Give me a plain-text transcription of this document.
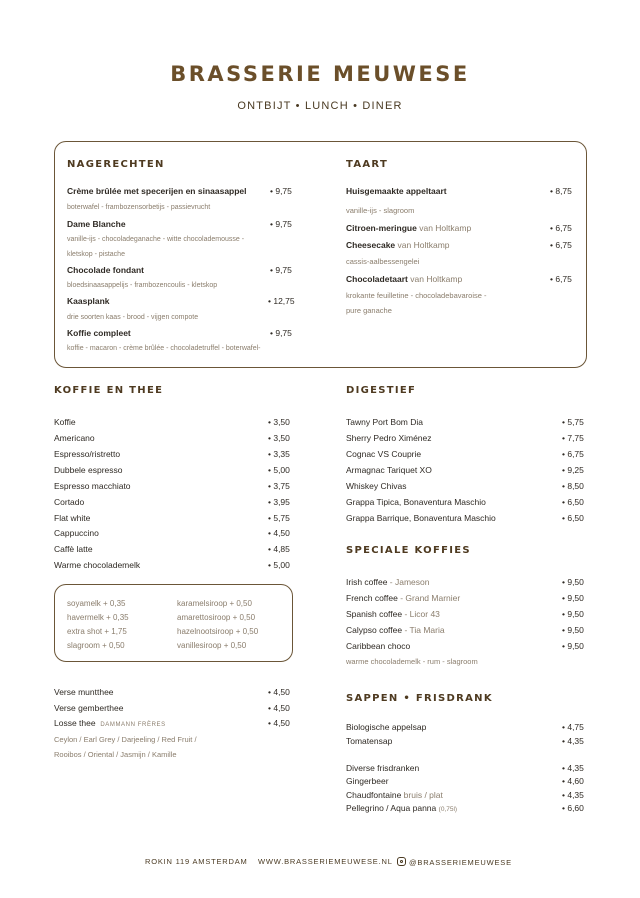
BRASSERIE MEUWESE
ONTBIJT • LUNCH • DINER
NAGERECHTEN
Crème brûlée met specerijen en sinaasappel	• 9,75
boterwafel - frambozensorbetijs - passievrucht
Dame Blanche	• 9,75
vanille-ijs - chocoladeganache - witte chocolademousse -
kletskop - pistache
Chocolade fondant	• 9,75
bloedsinaasappelijs - frambozencoulis - kletskop
Kaasplank	• 12,75
drie soorten kaas - brood - vijgen compote
Koffie compleet	• 9,75
koffie - macaron - crème brûlée - chocoladetruffel - boterwafel-
TAART
Huisgemaakte appeltaart	• 8,75
vanille-ijs - slagroom
Citroen-meringue van Holtkamp	• 6,75
Cheesecake van Holtkamp	• 6,75
cassis-aalbessengelei
Chocoladetaart van Holtkamp	• 6,75
krokante feuilletine - chocoladebavaroise -
pure ganache
KOFFIE EN THEE
Koffie	• 3,50
Americano	• 3,50
Espresso/ristretto	• 3,35
Dubbele espresso	• 5,00
Espresso macchiato	• 3,75
Cortado	• 3,95
Flat white	• 5,75
Cappuccino	• 4,50
Caffè latte	• 4,85
Warme chocolademelk	• 5,00
soyamelk + 0,35
havermelk + 0,35
extra shot + 1,75
slagroom + 0,50
karamelsiroop + 0,50
amarettosiroop + 0,50
hazelnootsiroop + 0,50
vanillesiroop + 0,50
Verse muntthee	• 4,50
Verse gemberthee	• 4,50
Losse thee DAMMANN FRÈRES	• 4,50
Ceylon / Earl Grey / Darjeeling / Red Fruit /
Rooibos / Oriental / Jasmijn / Kamille
DIGESTIEF
Tawny Port Bom Dia	• 5,75
Sherry Pedro Ximénez	• 7,75
Cognac VS Couprie	• 6,75
Armagnac Tariquet XO	• 9,25
Whiskey Chivas	• 8,50
Grappa Tipica, Bonaventura Maschio	• 6,50
Grappa Barrique, Bonaventura Maschio	• 6,50
SPECIALE KOFFIES
Irish coffee - Jameson	• 9,50
French coffee - Grand Marnier	• 9,50
Spanish coffee - Licor 43	• 9,50
Calypso coffee - Tia Maria	• 9,50
Caribbean choco	• 9,50
warme chocolademelk - rum - slagroom
SAPPEN • FRISDRANK
Biologische appelsap	• 4,75
Tomatensap	• 4,35
Diverse frisdranken	• 4,35
Gingerbeer	• 4,60
Chaudfontaine bruis / plat	• 4,35
Pellegrino / Aqua panna (0,75l)	• 6,60
ROKIN 119 AMSTERDAM WWW.BRASSERIEMEUWESE.NL	@BRASSERIEMEUWESE
